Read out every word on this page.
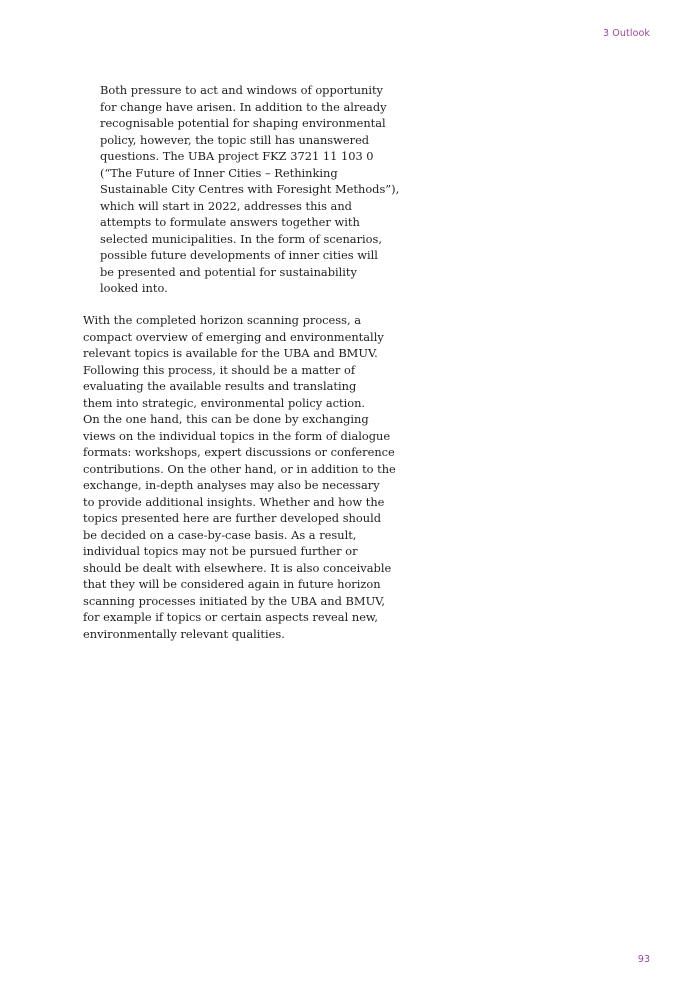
3 Outlook
Both pressure to act and windows of opportunity
for change have arisen. In addition to the already
recognisable potential for shaping environmental
policy, however, the topic still has unanswered
questions. The UBA project FKZ 3721 11 103 0
(“The Future of Inner Cities – Rethinking
Sustainable City Centres with Foresight Methods”),
which will start in 2022, addresses this and
attempts to formulate answers together with
selected municipalities. In the form of scenarios,
possible future developments of inner cities will
be presented and potential for sustainability
looked into.
With the completed horizon scanning process, a
compact overview of emerging and environmentally
relevant topics is available for the UBA and BMUV.
Following this process, it should be a matter of
evaluating the available results and translating
them into strategic, environmental policy action.
On the one hand, this can be done by exchanging
views on the individual topics in the form of dialogue
formats: workshops, expert discussions or conference
contributions. On the other hand, or in addition to the
exchange, in-depth analyses may also be necessary
to provide additional insights. Whether and how the
topics presented here are further developed should
be decided on a case-by-case basis. As a result,
individual topics may not be pursued further or
should be dealt with elsewhere. It is also conceivable
that they will be considered again in future horizon
scanning processes initiated by the UBA and BMUV,
for example if topics or certain aspects reveal new,
environmentally relevant qualities.
93
